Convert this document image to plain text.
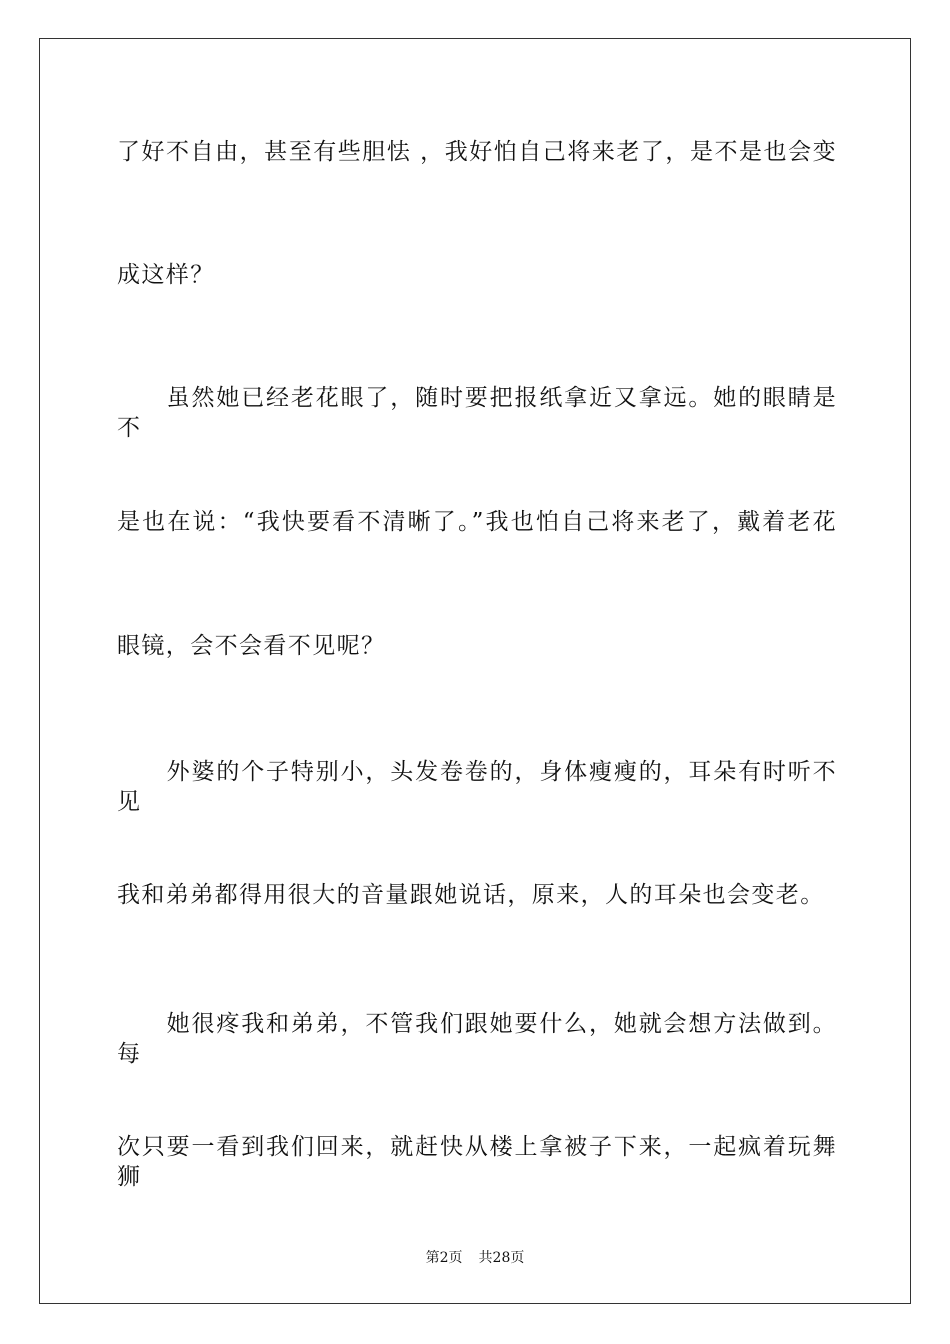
了好不自由，甚至有些胆怯 ，我好怕自己将来老了，是不是也会变
成这样？
　　虽然她已经老花眼了，随时要把报纸拿近又拿远。她的眼睛是不
是也在说：“我快要看不清晰了。”我也怕自己将来老了，戴着老花
眼镜，会不会看不见呢？
　　外婆的个子特别小，头发卷卷的，身体瘦瘦的，耳朵有时听不见
我和弟弟都得用很大的音量跟她说话，原来，人的耳朵也会变老。
　　她很疼我和弟弟，不管我们跟她要什么，她就会想方法做到。每
次只要一看到我们回来，就赶快从楼上拿被子下来，一起疯着玩舞狮
第2页 共28页
